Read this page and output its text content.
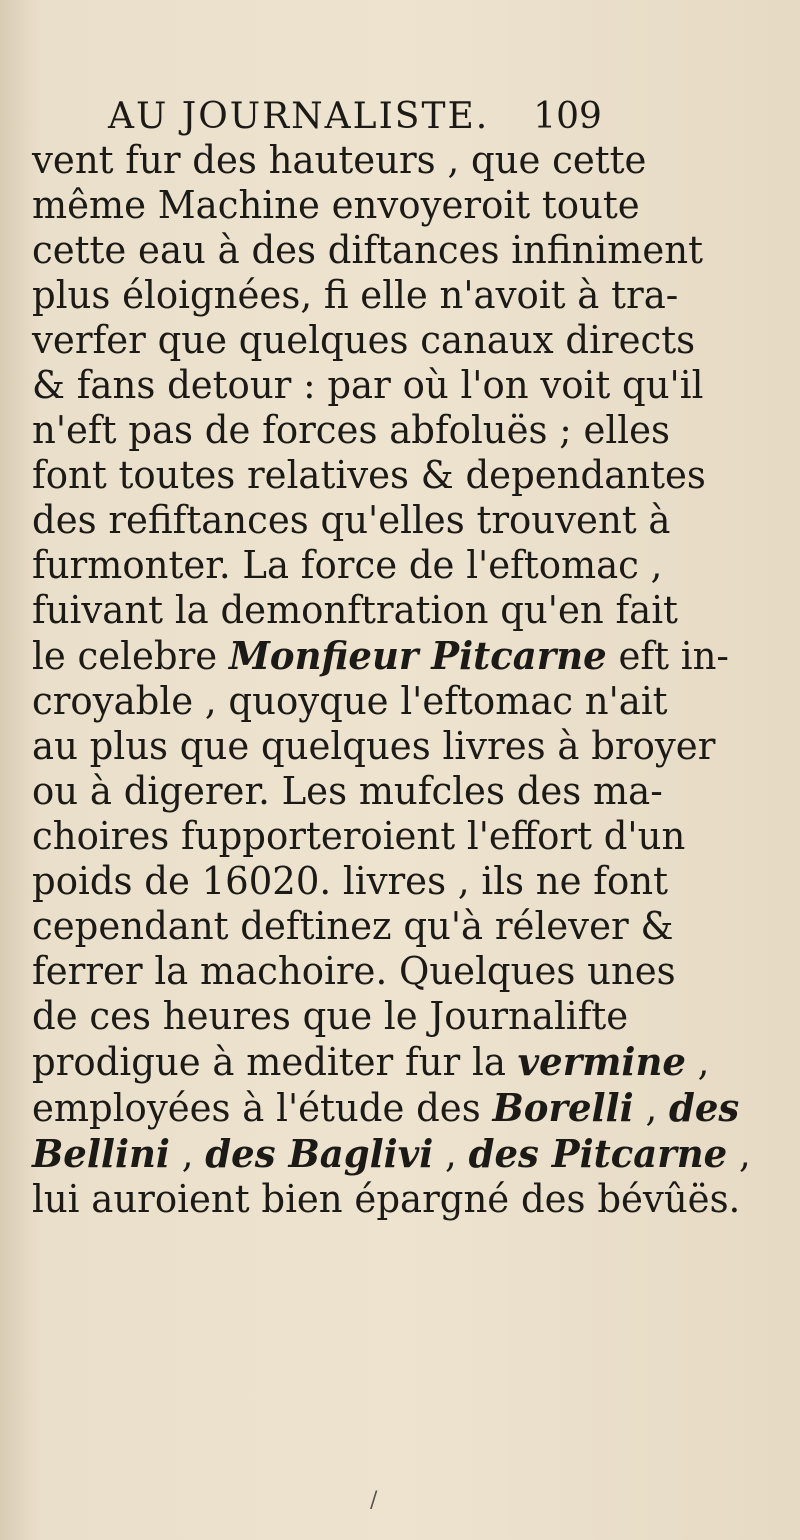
AU JOURNALISTE. 109
vent fur des hauteurs , que cette
même Machine envoyeroit toute
cette eau à des diftances infiniment
plus éloignées, fi elle n'avoit à tra-
verfer que quelques canaux directs
& fans detour : par où l'on voit qu'il
n'eft pas de forces abfoluës ; elles
font toutes relatives & dependantes
des refiftances qu'elles trouvent à
furmonter. La force de l'eftomac ,
fuivant la demonftration qu'en fait
le celebre Monfieur Pitcarne eft in-
croyable , quoyque l'eftomac n'ait
au plus que quelques livres à broyer
ou à digerer. Les mufcles des ma-
choires fupporteroient l'effort d'un
poids de 16020. livres , ils ne font
cependant deftinez qu'à rélever &
ferrer la machoire. Quelques unes
de ces heures que le Journalifte
prodigue à mediter fur la vermine ,
employées à l'étude des Borelli , des
Bellini , des Baglivi , des Pitcarne ,
lui auroient bien épargné des bévûës.
/
